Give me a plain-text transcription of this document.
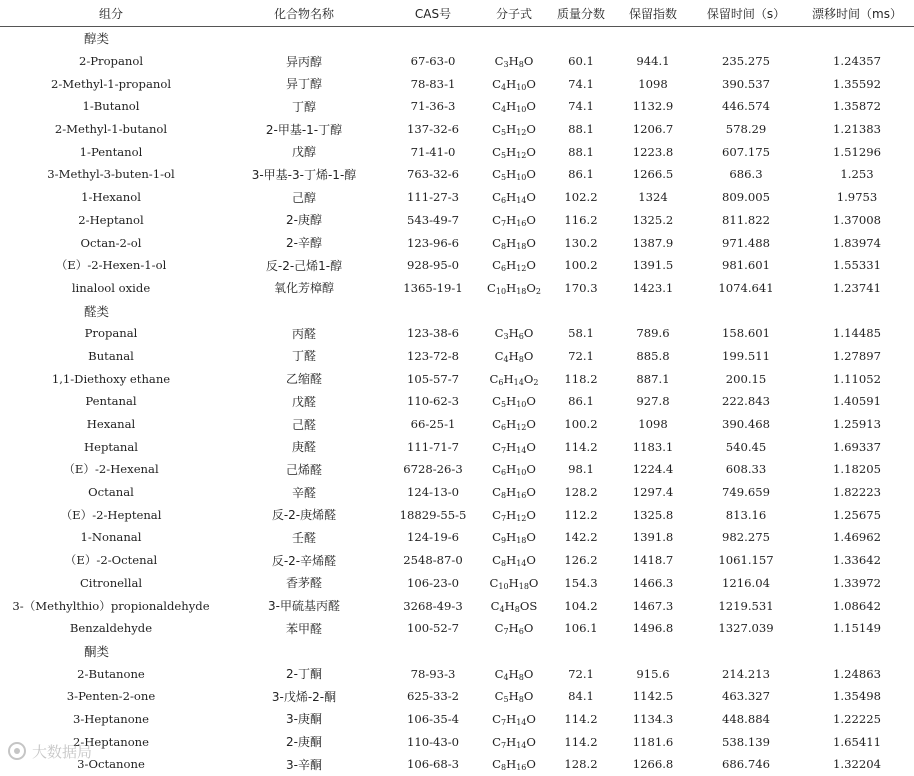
组分	化合物名称	CAS号	分子式	质量分数	保留指数	保留时间（s）	漂移时间（ms）
醇类							
2-Propanol	异丙醇	67-63-0	$C_3H_8O$	60.1	944.1	235.275	1.24357
2-Methyl-1-propanol	异丁醇	78-83-1	$C_4H_{10}O$	74.1	1098	390.537	1.35592
1-Butanol	丁醇	71-36-3	$C_4H_{10}O$	74.1	1132.9	446.574	1.35872
2-Methyl-1-butanol	2-甲基-1-丁醇	137-32-6	$C_5H_{12}O$	88.1	1206.7	578.29	1.21383
1-Pentanol	戊醇	71-41-0	$C_5H_{12}O$	88.1	1223.8	607.175	1.51296
3-Methyl-3-buten-1-ol	3-甲基-3-丁烯-1-醇	763-32-6	$C_5H_{10}O$	86.1	1266.5	686.3	1.253
1-Hexanol	己醇	111-27-3	$C_6H_{14}O$	102.2	1324	809.005	1.9753
2-Heptanol	2-庚醇	543-49-7	$C_7H_{16}O$	116.2	1325.2	811.822	1.37008
Octan-2-ol	2-辛醇	123-96-6	$C_8H_{18}O$	130.2	1387.9	971.488	1.83974
（E）-2-Hexen-1-ol	反-2-己烯1-醇	928-95-0	$C_6H_{12}O$	100.2	1391.5	981.601	1.55331
linalool oxide	氧化芳樟醇	1365-19-1	$C_{10}H_{18}O_2$	170.3	1423.1	1074.641	1.23741
醛类							
Propanal	丙醛	123-38-6	$C_3H_6O$	58.1	789.6	158.601	1.14485
Butanal	丁醛	123-72-8	$C_4H_8O$	72.1	885.8	199.511	1.27897
1,1-Diethoxy ethane	乙缩醛	105-57-7	$C_6H_{14}O_2$	118.2	887.1	200.15	1.11052
Pentanal	戊醛	110-62-3	$C_5H_{10}O$	86.1	927.8	222.843	1.40591
Hexanal	己醛	66-25-1	$C_6H_{12}O$	100.2	1098	390.468	1.25913
Heptanal	庚醛	111-71-7	$C_7H_{14}O$	114.2	1183.1	540.45	1.69337
（E）-2-Hexenal	己烯醛	6728-26-3	$C_6H_{10}O$	98.1	1224.4	608.33	1.18205
Octanal	辛醛	124-13-0	$C_8H_{16}O$	128.2	1297.4	749.659	1.82223
（E）-2-Heptenal	反-2-庚烯醛	18829-55-5	$C_7H_{12}O$	112.2	1325.8	813.16	1.25675
1-Nonanal	壬醛	124-19-6	$C_9H_{18}O$	142.2	1391.8	982.275	1.46962
（E）-2-Octenal	反-2-辛烯醛	2548-87-0	$C_8H_{14}O$	126.2	1418.7	1061.157	1.33642
Citronellal	香茅醛	106-23-0	$C_{10}H_{18}O$	154.3	1466.3	1216.04	1.33972
3-（Methylthio）propionaldehyde	3-甲硫基丙醛	3268-49-3	$C_4H_8OS$	104.2	1467.3	1219.531	1.08642
Benzaldehyde	苯甲醛	100-52-7	$C_7H_6O$	106.1	1496.8	1327.039	1.15149
酮类							
2-Butanone	2-丁酮	78-93-3	$C_4H_8O$	72.1	915.6	214.213	1.24863
3-Penten-2-one	3-戊烯-2-酮	625-33-2	$C_5H_8O$	84.1	1142.5	463.327	1.35498
3-Heptanone	3-庚酮	106-35-4	$C_7H_{14}O$	114.2	1134.3	448.884	1.22225
2-Heptanone	2-庚酮	110-43-0	$C_7H_{14}O$	114.2	1181.6	538.139	1.65411
3-Octanone	3-辛酮	106-68-3	$C_8H_{16}O$	128.2	1266.8	686.746	1.32204
大数据局
